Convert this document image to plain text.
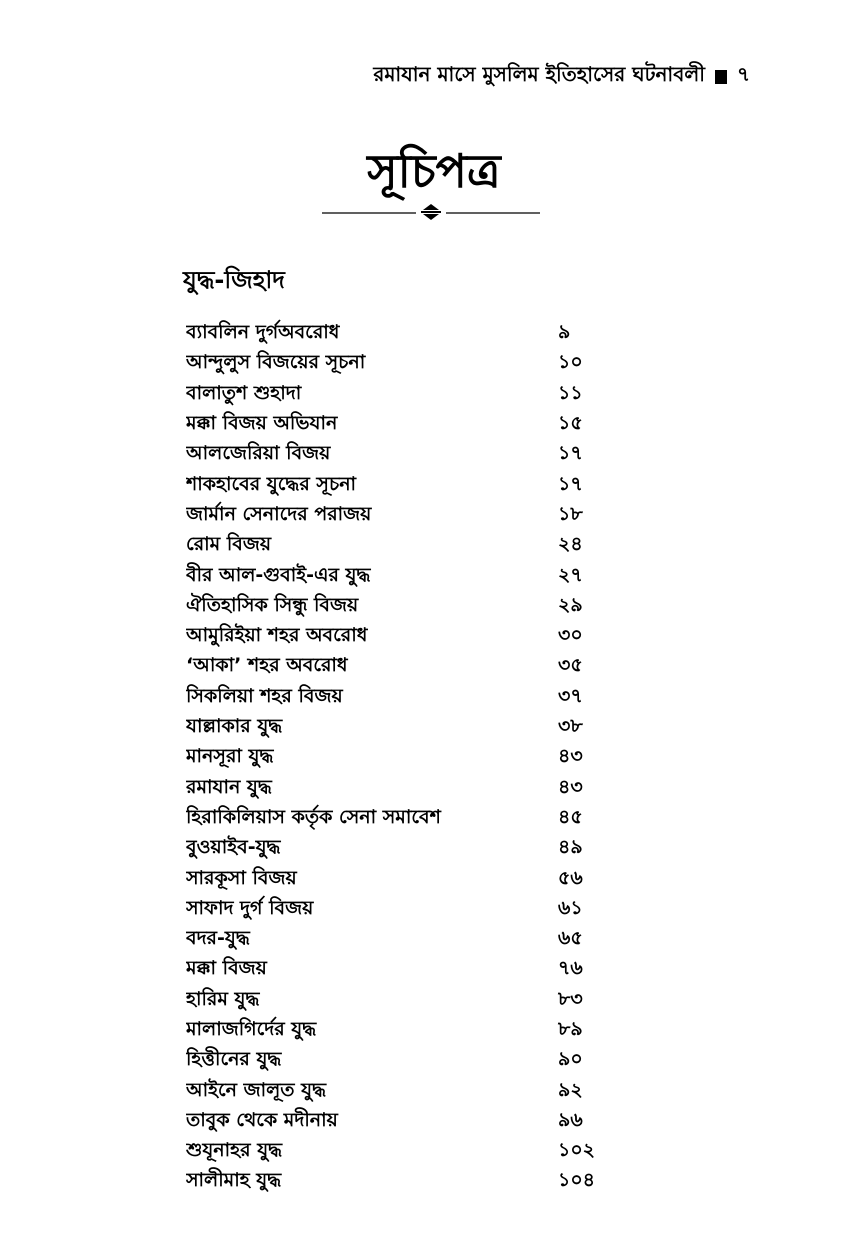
রমাযান মাসে মুসলিম ইতিহাসের ঘটনাবলী ৭
সূচিপত্র
যুদ্ধ-জিহাদ
ব্যাবলিন দুর্গঅবরোধ	৯
আন্দুলুস বিজয়ের সূচনা	১০
বালাতুশ শুহাদা	১১
মক্কা বিজয় অভিযান	১৫
আলজেরিয়া বিজয়	১৭
শাকহাবের যুদ্ধের সূচনা	১৭
জার্মান সেনাদের পরাজয়	১৮
রোম বিজয়	২৪
বীর আল-গুবাই-এর যুদ্ধ	২৭
ঐতিহাসিক সিন্ধু বিজয়	২৯
আমুরিইয়া শহর অবরোধ	৩০
‘আকা’ শহর অবরোধ	৩৫
সিকলিয়া শহর বিজয়	৩৭
যাল্লাকার যুদ্ধ	৩৮
মানসূরা যুদ্ধ	৪৩
রমাযান যুদ্ধ	৪৩
হিরাকিলিয়াস কর্তৃক সেনা সমাবেশ	৪৫
বুওয়াইব-যুদ্ধ	৪৯
সারকূসা বিজয়	৫৬
সাফাদ দুর্গ বিজয়	৬১
বদর-যুদ্ধ	৬৫
মক্কা বিজয়	৭৬
হারিম যুদ্ধ	৮৩
মালাজগির্দের যুদ্ধ	৮৯
হিত্তীনের যুদ্ধ	৯০
আইনে জালূত যুদ্ধ	৯২
তাবুক থেকে মদীনায়	৯৬
শুযূনাহর যুদ্ধ	১০২
সালীমাহ যুদ্ধ	১০৪
